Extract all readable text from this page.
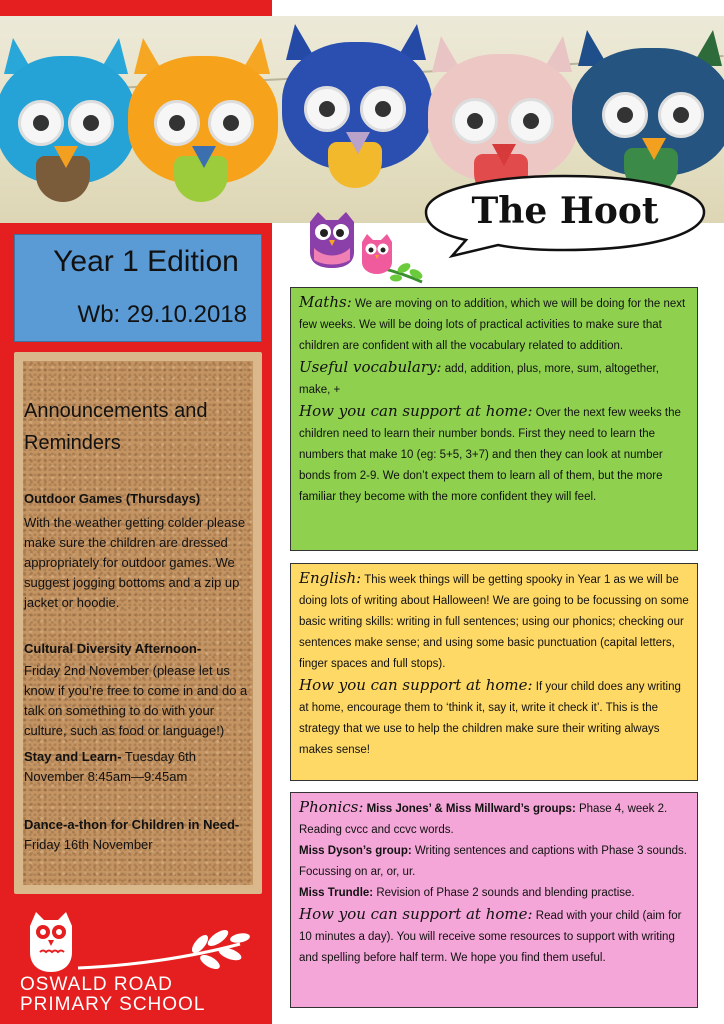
The Hoot
Year 1 Edition
Wb: 29.10.2018
Announcements and Reminders
Outdoor Games (Thursdays)
With the weather getting colder please make sure the children are dressed appropriately for outdoor games. We suggest jogging bottoms and a zip up jacket or hoodie.
Cultural Diversity Afternoon-
Friday 2nd November (please let us know if you’re free to come in and do a talk on something to do with your culture, such as food or language!)
Stay and Learn- Tuesday 6th November 8:45am—9:45am
Dance-a-thon for Children in Need- Friday 16th November
OSWALD ROAD
PRIMARY SCHOOL

Maths: We are moving on to addition, which we will be doing for the next few weeks. We will be doing lots of practical activities to make sure that children are confident with all the vocabulary related to addition.

Useful vocabulary: add, addition, plus, more, sum, altogether, make, +

How you can support at home: Over the next few weeks the children need to learn their number bonds. First they need to learn the numbers that make 10 (eg: 5+5, 3+7) and then they can look at number bonds from 2-9. We don’t expect them to learn all of them, but the more familiar they become with the more confident they will feel.

English: This week things will be getting spooky in Year 1 as we will be doing lots of writing about Halloween! We are going to be focussing on some basic writing skills: writing in full sentences; using our phonics; checking our sentences make sense; and using some basic punctuation (capital letters, finger spaces and full stops).

How you can support at home: If your child does any writing at home, encourage them to ‘think it, say it, write it check it’. This is the strategy that we use to help the children make sure their writing always makes sense!

Phonics: Miss Jones’ & Miss Millward’s groups: Phase 4, week 2. Reading cvcc and ccvc words.

Miss Dyson’s group: Writing sentences and captions with Phase 3 sounds. Focussing on ar, or, ur.

Miss Trundle: Revision of Phase 2 sounds and blending practise.

How you can support at home: Read with your child (aim for 10 minutes a day). You will receive some resources to support with writing and spelling before half term. We hope you find them useful.
